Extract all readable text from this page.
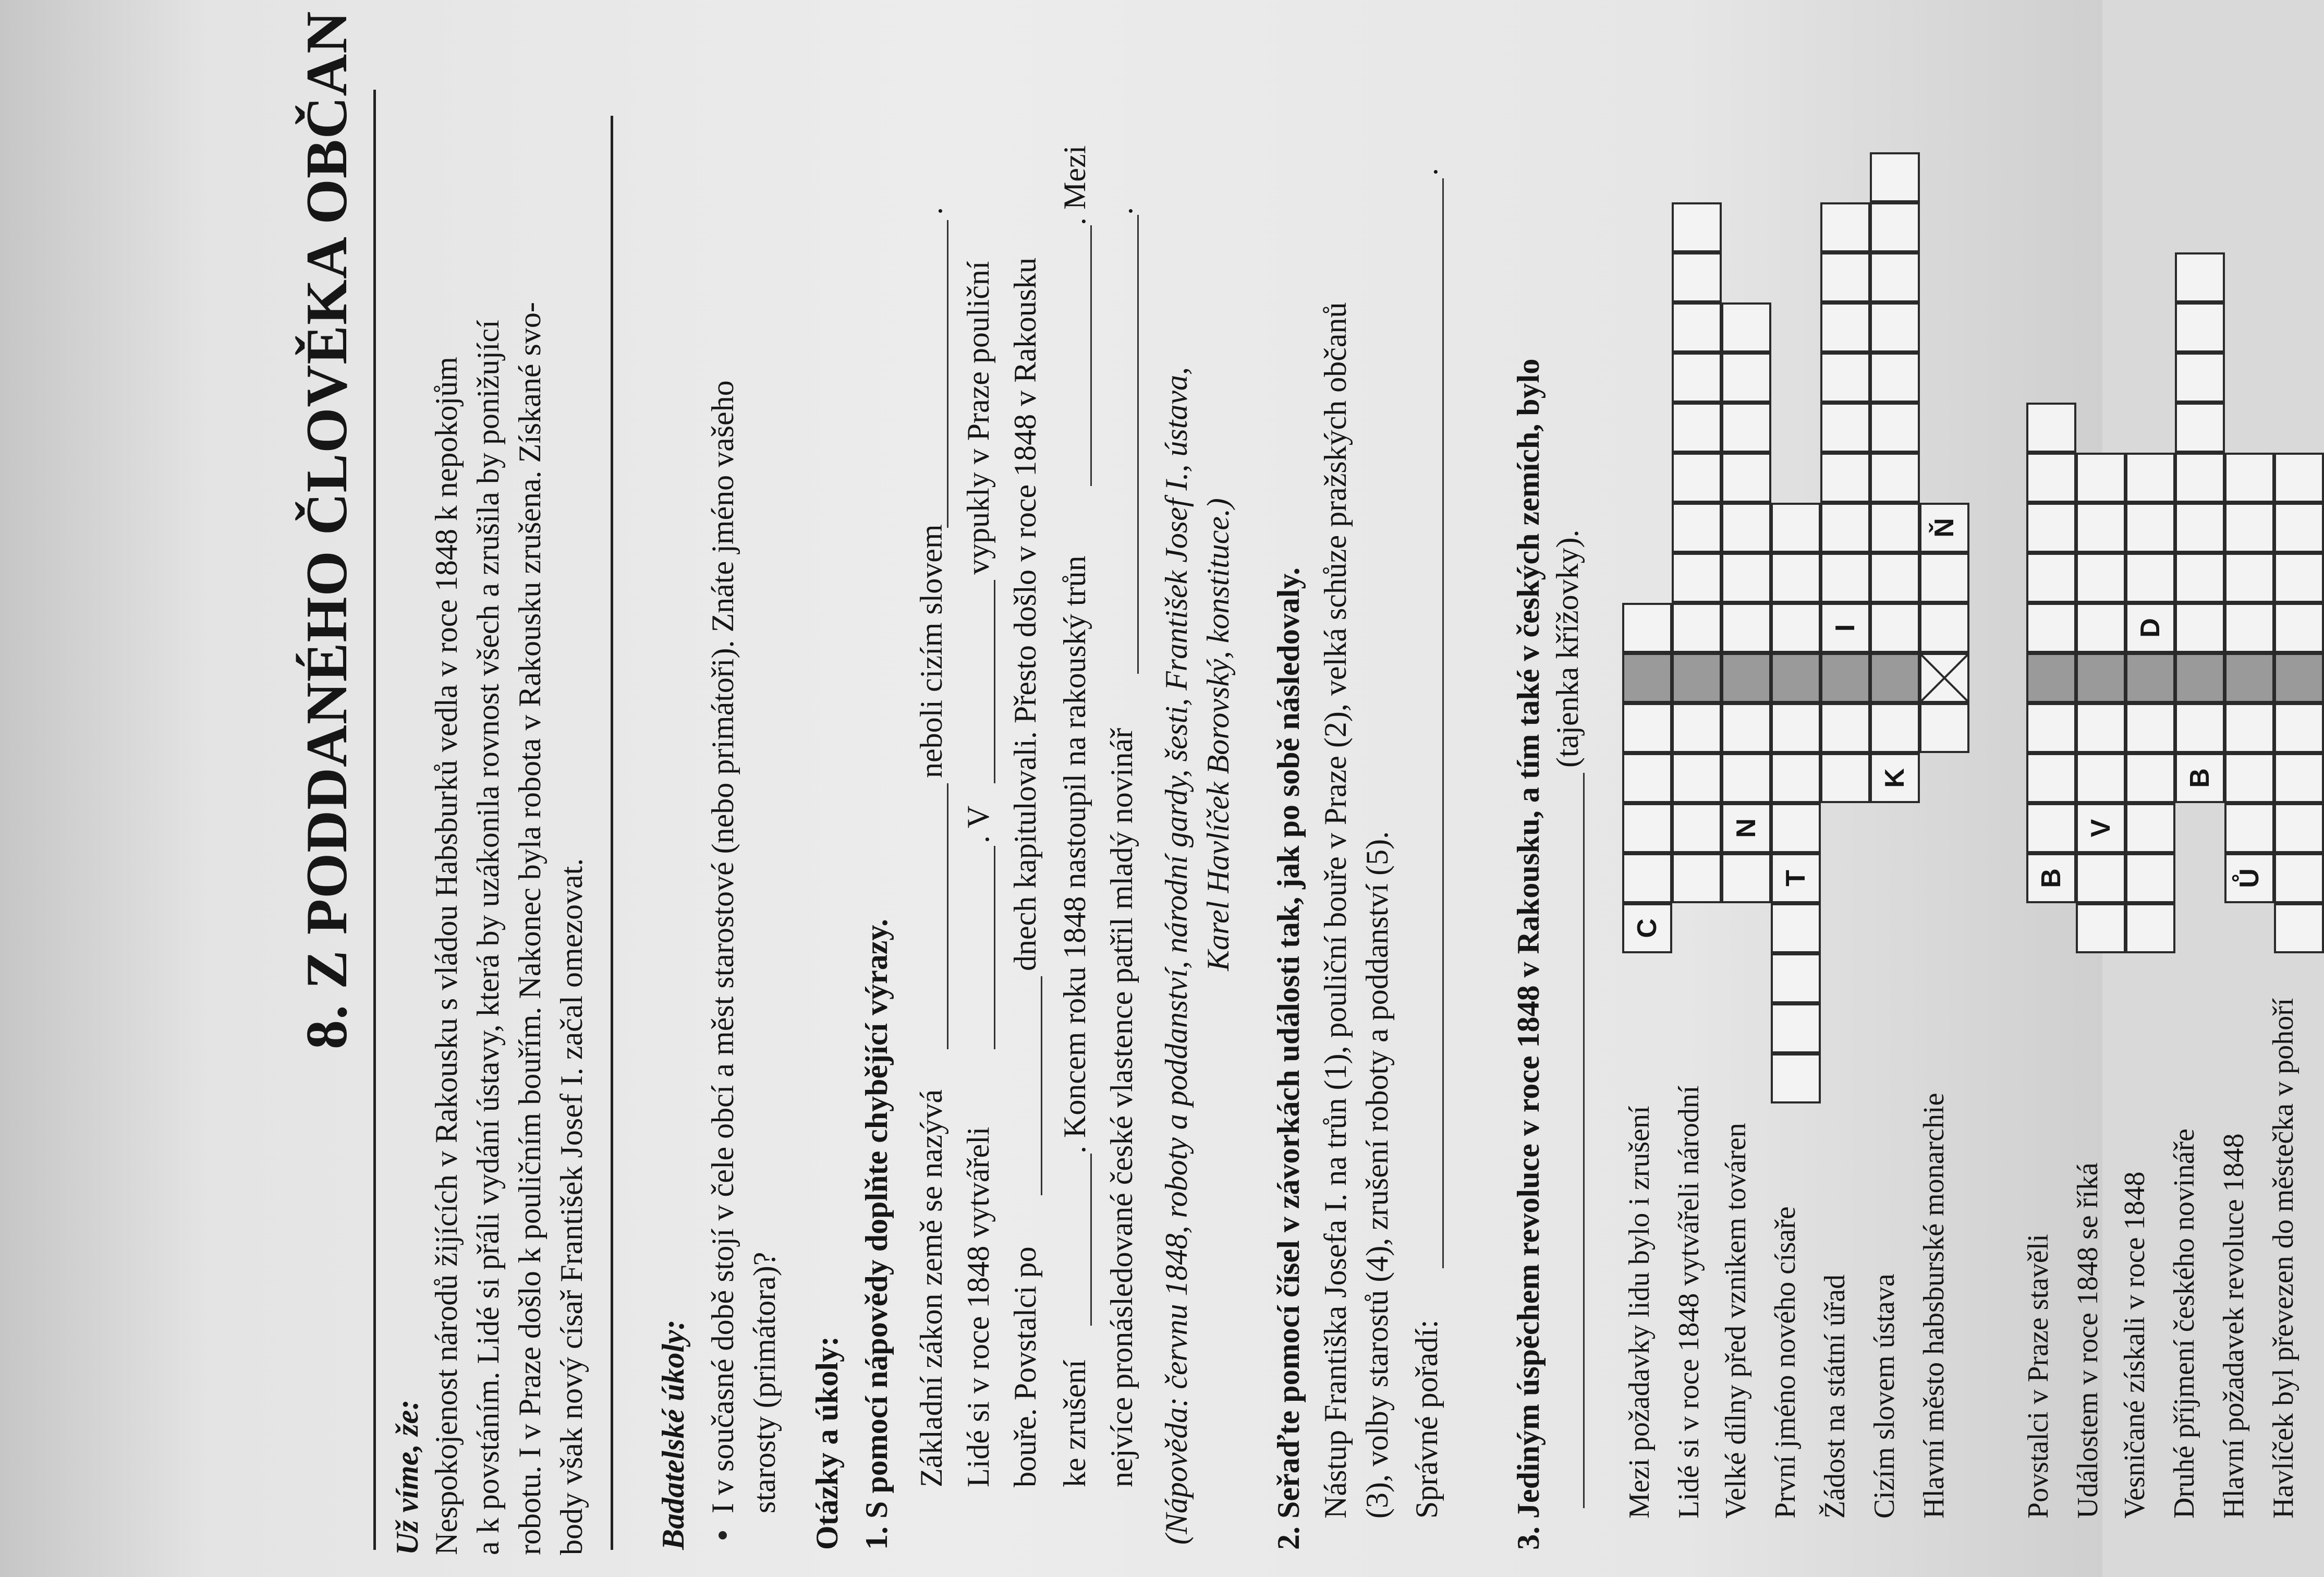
8. Z PODDANÉHO ČLOVĚKA OBČAN
Už víme, že: Nespokojenost národů žijících v Rakousku s vládou Habsburků vedla v roce 1848 k nepokojům a k povstáním. Lidé si přáli vydání ústavy, která by uzákonila rovnost všech a zrušila by ponižující robotu. I v Praze došlo k pouličním bouřím. Nakonec byla robota v Rakousku zrušena. Získané svo- body však nový císař František Josef I. začal omezovat. Badatelské úkoly: I v současné době stojí v čele obcí a měst starostové (nebo primátoři). Znáte jméno vašeho starosty (primátora)? Otázky a úkoly: 1. S pomocí nápovědy doplňte chybějící výrazy. Základní zákon země se nazývá
neboli cizím slovem
.
Lidé si v roce 1848 vytvářeli
. V
vypukly v Praze pouliční
bouře. Povstalci po
dnech kapitulovali. Přesto došlo v roce 1848 v Rakousku
ke zrušení
. Koncem roku 1848 nastoupil na rakouský trůn
. Mezi
nejvíce pronásledované české vlastence patřil mladý novinář
.
(Nápověda: červnu 1848, roboty a poddanství, národní gardy, šesti, František Josef I., ústava, Karel Havlíček Borovský, konstituce.)
2. Seřaďte pomocí čísel v závorkách události tak, jak po sobě následovaly. Nástup Františka Josefa I. na trůn (1), pouliční bouře v Praze (2), velká schůze pražských občanů (3), volby starostů (4), zrušení roboty a poddanství (5). Správné pořadí:
.
3. Jediným úspěchem revoluce v roce 1848 v Rakousku, a tím také v českých zemích, bylo (tajenka křížovky).
Mezi požadavky lidu bylo i zrušení Lidé si v roce 1848 vytvářeli národní Velké dílny před vznikem továren První jméno nového císaře Žádost na státní úřad Cizím slovem ústava Hlavní město habsburské monarchie Povstalci v Praze stavěli Událostem v roce 1848 se říká Vesničané získali v roce 1848 Druhé příjmení českého novináře Hlavní požadavek revoluce 1848 Havlíček byl převezen do městečka v pohoří
C
N
T
I
K
Ň
B
V
D
B
Ů
